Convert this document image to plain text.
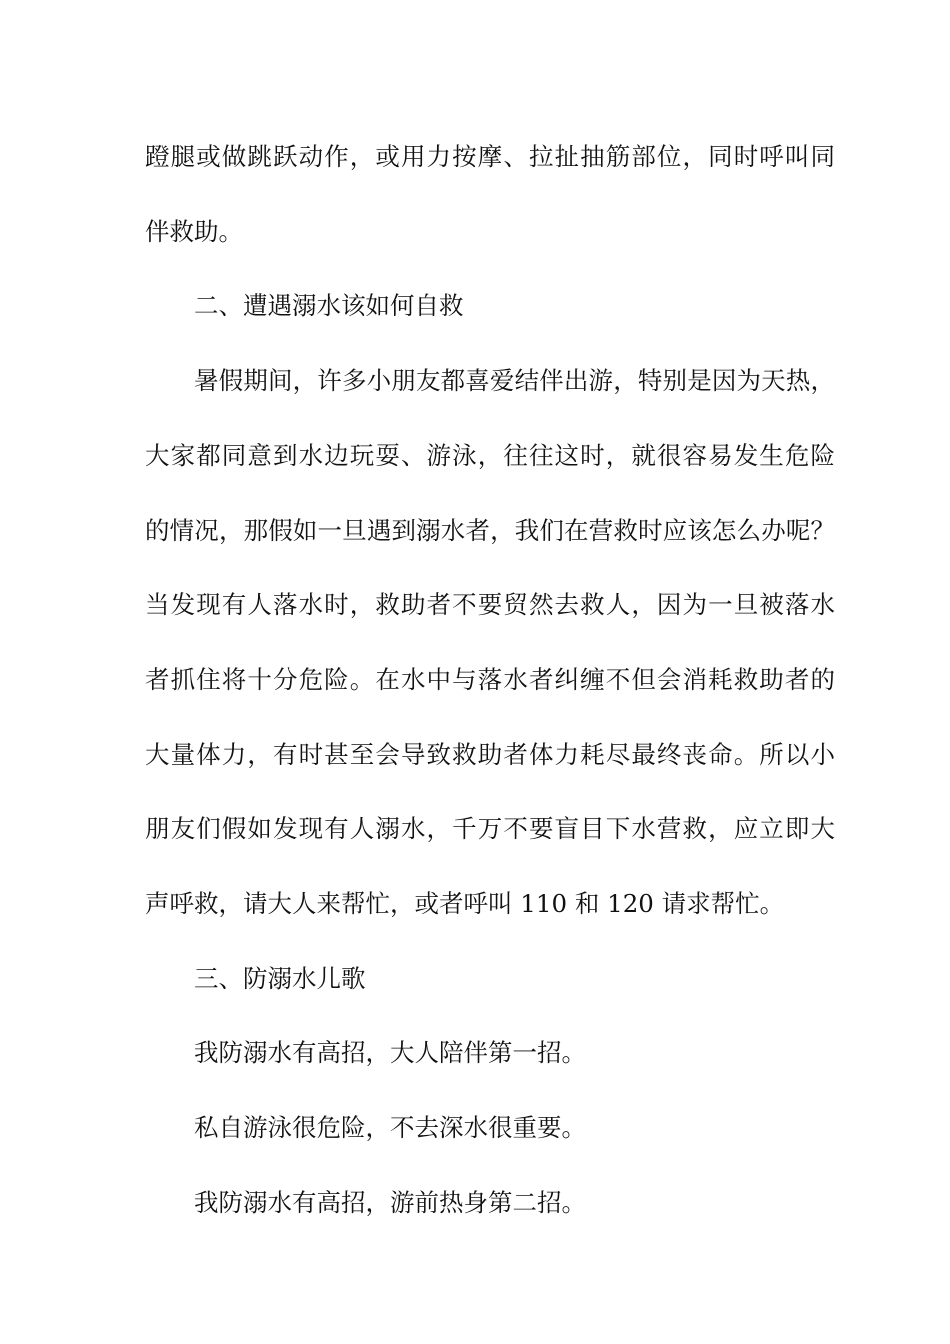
蹬腿或做跳跃动作，或用力按摩、拉扯抽筋部位，同时呼叫同
伴救助。
二、遭遇溺水该如何自救
暑假期间，许多小朋友都喜爱结伴出游，特别是因为天热，
大家都同意到水边玩耍、游泳，往往这时，就很容易发生危险
的情况，那假如一旦遇到溺水者，我们在营救时应该怎么办呢？
当发现有人落水时，救助者不要贸然去救人，因为一旦被落水
者抓住将十分危险。在水中与落水者纠缠不但会消耗救助者的
大量体力，有时甚至会导致救助者体力耗尽最终丧命。所以小
朋友们假如发现有人溺水，千万不要盲目下水营救，应立即大
声呼救，请大人来帮忙，或者呼叫 110 和 120 请求帮忙。
三、防溺水儿歌
我防溺水有高招，大人陪伴第一招。
私自游泳很危险，不去深水很重要。
我防溺水有高招，游前热身第二招。
